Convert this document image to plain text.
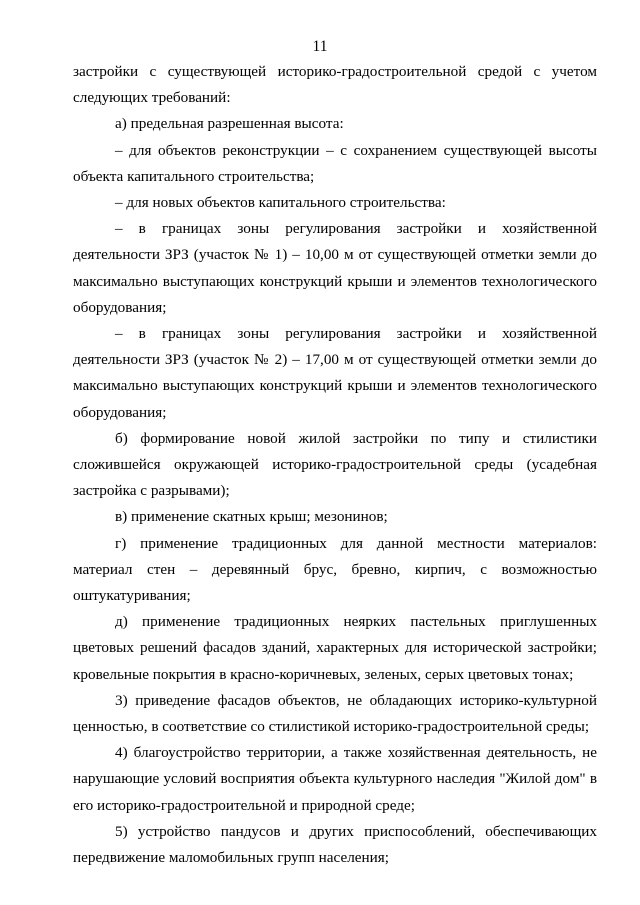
11

застройки с существующей историко-градостроительной средой с учетом следующих требований:

а) предельная разрешенная высота:

– для объектов реконструкции – с сохранением существующей высоты объекта капитального строительства;

– для новых объектов капитального строительства:

– в границах зоны регулирования застройки и хозяйственной деятельности ЗРЗ (участок № 1) – 10,00 м от существующей отметки земли до максимально выступающих конструкций крыши и элементов технологического оборудования;

– в границах зоны регулирования застройки и хозяйственной деятельности ЗРЗ (участок № 2) – 17,00 м от существующей отметки земли до максимально выступающих конструкций крыши и элементов технологического оборудования;

б) формирование новой жилой застройки по типу и стилистики сложившейся окружающей историко-градостроительной среды (усадебная застройка с разрывами);

в) применение скатных крыш; мезонинов;

г) применение традиционных для данной местности материалов: материал стен – деревянный брус, бревно, кирпич, с возможностью оштукатуривания;

д) применение традиционных неярких пастельных приглушенных цветовых решений фасадов зданий, характерных для исторической застройки; кровельные покрытия в красно-коричневых, зеленых, серых цветовых тонах;

3) приведение фасадов объектов, не обладающих историко-культурной ценностью, в соответствие со стилистикой историко-градостроительной среды;

4) благоустройство территории, а также хозяйственная деятельность, не нарушающие условий восприятия объекта культурного наследия "Жилой дом" в его историко-градостроительной и природной среде;

5) устройство пандусов и других приспособлений, обеспечивающих передвижение маломобильных групп населения;
